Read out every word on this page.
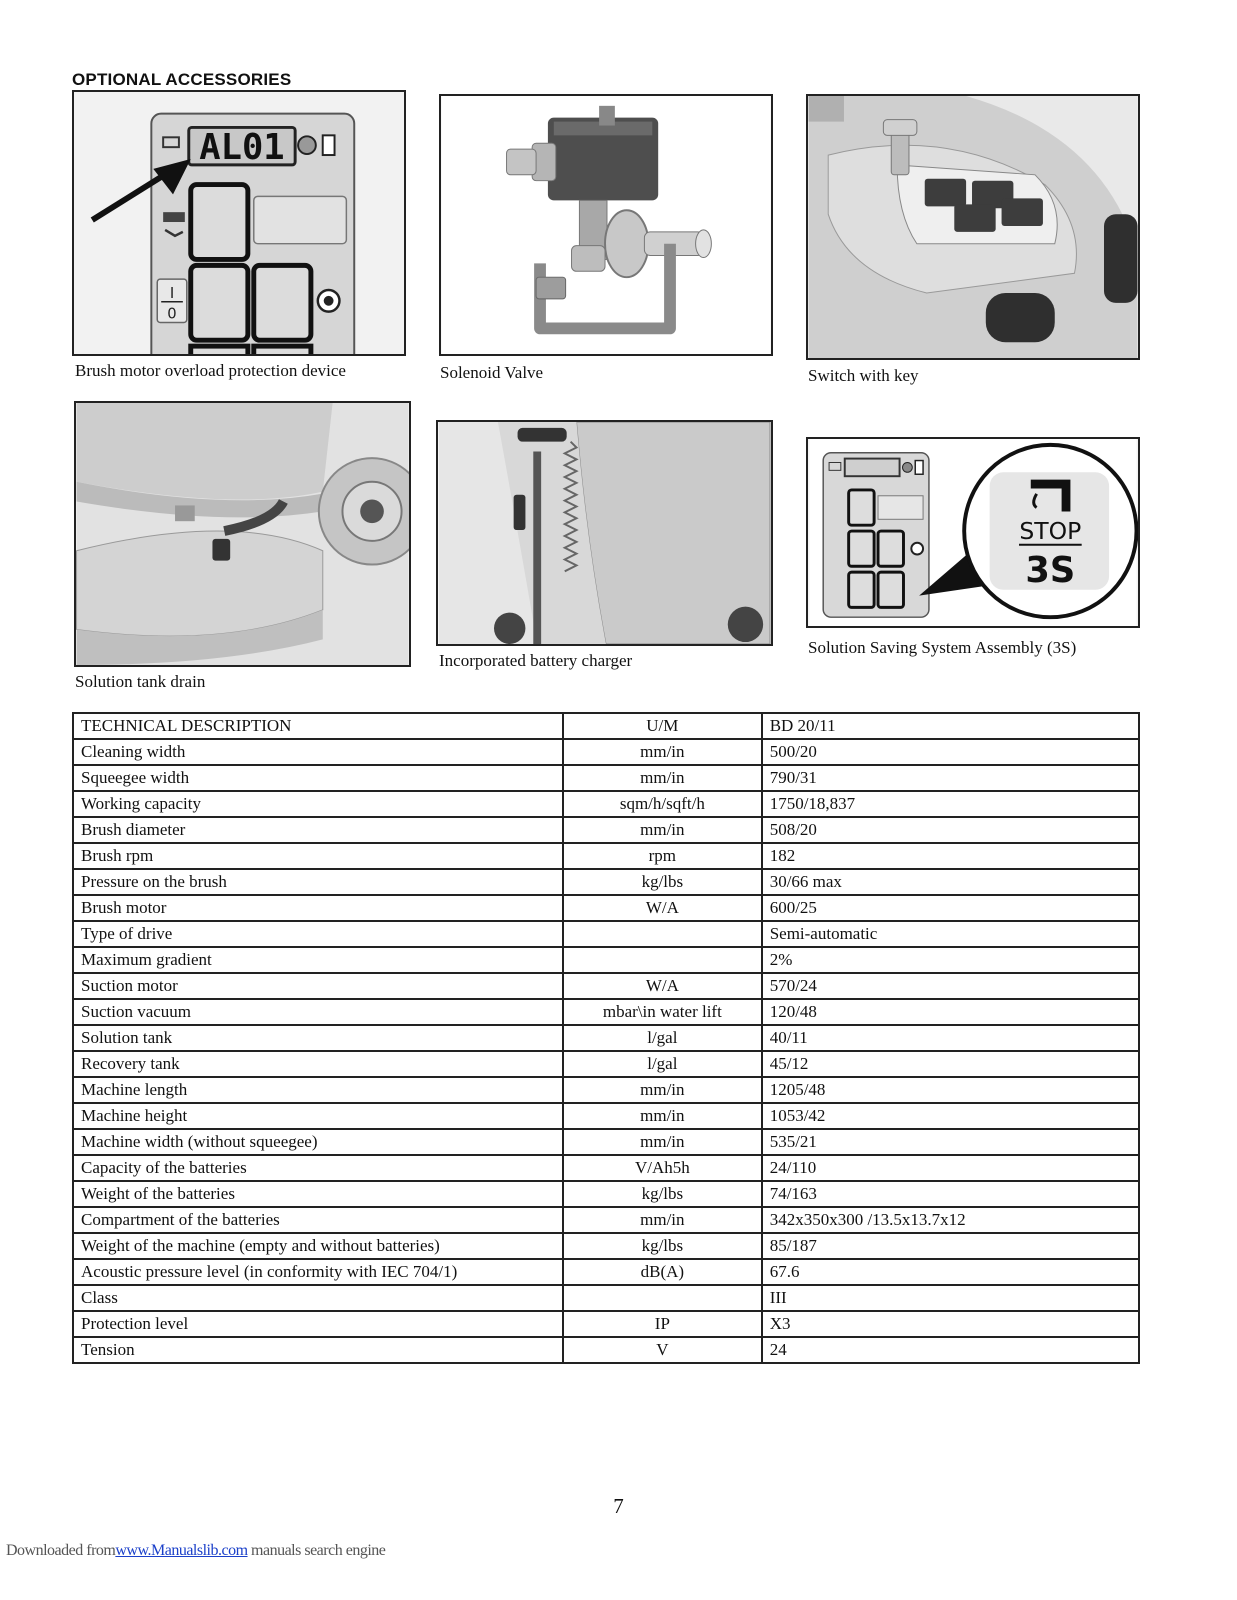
OPTIONAL ACCESSORIES
AL01
I
0
Brush motor overload protection device	Solenoid Valve	Switch with key
Solution tank drain
Incorporated battery charger
STOP
3S
Solution Saving System Assembly (3S)
TECHNICAL DESCRIPTION	U/M	BD 20/11
Cleaning width	mm/in	500/20
Squeegee width	mm/in	790/31
Working capacity	sqm/h/sqft/h	1750/18,837
Brush diameter	mm/in	508/20
Brush rpm	rpm	182
Pressure on the brush	kg/lbs	30/66 max
Brush motor	W/A	600/25
Type of drive		Semi-automatic
Maximum gradient		2%
Suction motor	W/A	570/24
Suction vacuum	mbar\in water lift	120/48
Solution tank	l/gal	40/11
Recovery tank	l/gal	45/12
Machine length	mm/in	1205/48
Machine height	mm/in	1053/42
Machine width (without squeegee)	mm/in	535/21
Capacity of the batteries	V/Ah5h	24/110
Weight of the batteries	kg/lbs	74/163
Compartment of the batteries	mm/in	342x350x300 /13.5x13.7x12
Weight of the machine (empty and without batteries)	kg/lbs	85/187
Acoustic pressure level (in conformity with IEC 704/1)	dB(A)	67.6
Class		III
Protection level	IP	X3
Tension	V	24
7
Downloaded fromwww.Manualslib.com manuals search engine
